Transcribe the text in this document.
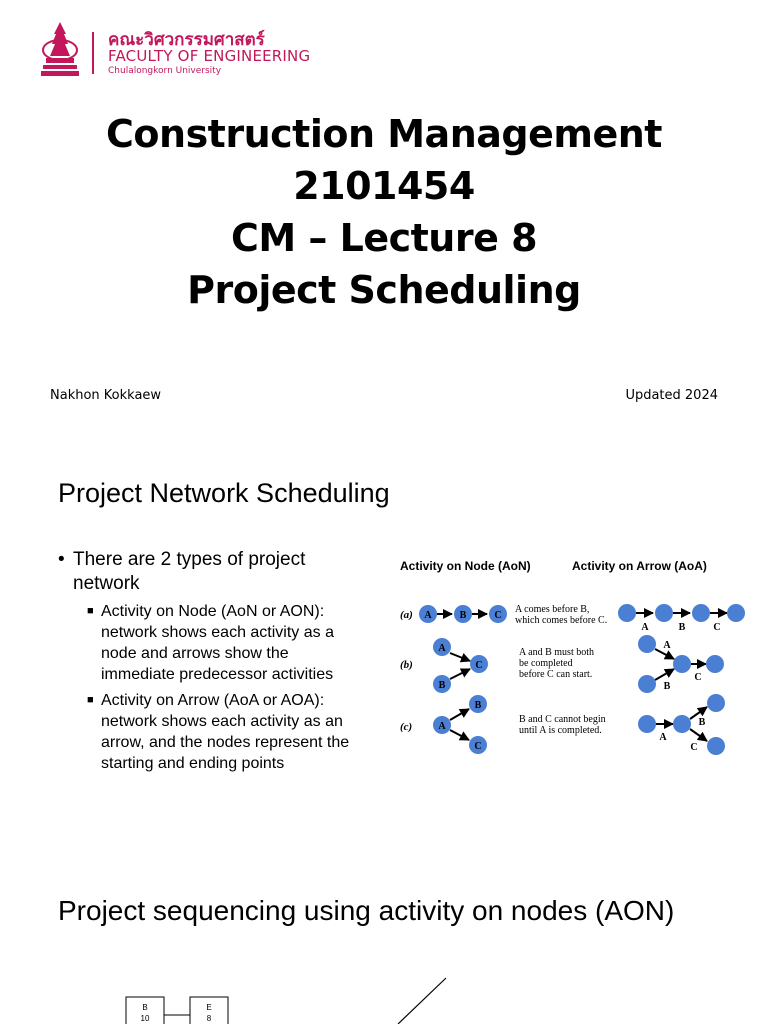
คณะวิศวกรรมศาสตร์
FACULTY OF ENGINEERING
Chulalongkorn University
Construction Management
2101454
CM – Lecture 8
Project Scheduling
Nakhon Kokkaew	Updated 2024
Project Network Scheduling
• There are 2 types of project network
■ Activity on Node (AoN or AON): network shows each activity as a node and arrows show the immediate predecessor activities
■ Activity on Arrow (AoA or AOA): network shows each activity as an arrow, and the nodes represent the starting and ending points
Activity on Node (AoN)	Activity on Arrow (AoA)
(a)
(b)
(c)
A	B	C
A
B
C
A
B
C
A comes before B,
which comes before C.
A and B must both
be completed
before C can start.
B and C cannot begin
until A is completed.
A	B	C
A
B
C
A
B
C
Project sequencing using activity on nodes (AON)
B
10
E
8
